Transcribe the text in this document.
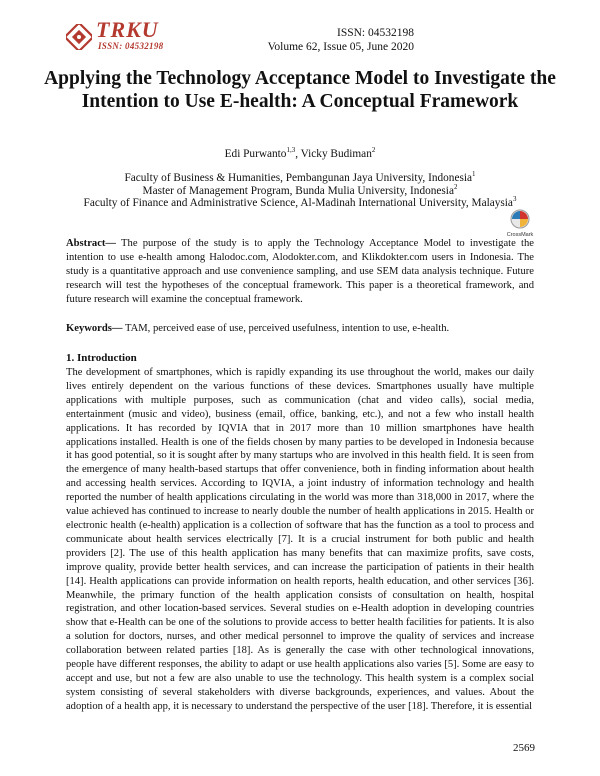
TRKU
ISSN: 04532198
ISSN: 04532198
Volume 62, Issue 05, June 2020
Applying the Technology Acceptance Model to Investigate the Intention to Use E-health: A Conceptual Framework
Edi Purwanto$^{1,3}$, Vicky Budiman$^2$
Faculty of Business & Humanities, Pembangunan Jaya University, Indonesia$^1$
Master of Management Program, Bunda Mulia University, Indonesia$^2$
Faculty of Finance and Administrative Science, Al-Madinah International University, Malaysia$^3$
CrossMark
Abstract— The purpose of the study is to apply the Technology Acceptance Model to investigate the intention to use e-health among Halodoc.com, Alodokter.com, and Klikdokter.com users in Indonesia. The study is a quantitative approach and use convenience sampling, and use SEM data analysis technique. Future research will test the hypotheses of the conceptual framework. This paper is a theoretical framework, and future research will examine the conceptual framework.
Keywords— TAM, perceived ease of use, perceived usefulness, intention to use, e-health.
1. Introduction
The development of smartphones, which is rapidly expanding its use throughout the world, makes our daily lives entirely dependent on the various functions of these devices. Smartphones usually have multiple applications with multiple purposes, such as communication (chat and video calls), social media, entertainment (music and video), business (email, office, banking, etc.), and not a few who install health applications. It has recorded by IQVIA that in 2017 more than 10 million smartphones have health applications installed. Health is one of the fields chosen by many parties to be developed in Indonesia because it has good potential, so it is sought after by many startups who are involved in this health field. It is seen from the emergence of many health-based startups that offer convenience, both in finding information about health and accessing health services. According to IQVIA, a joint industry of information technology and health reported the number of health applications circulating in the world was more than 318,000 in 2017, where the value achieved has continued to increase to nearly double the number of health applications in 2015. Health or electronic health (e-health) application is a collection of software that has the function as a tool to process and communicate about health services electrically [7]. It is a crucial instrument for both public and health providers [2]. The use of this health application has many benefits that can maximize profits, save costs, improve quality, provide better health services, and can increase the participation of patients in their health [14]. Health applications can provide information on health reports, health education, and other services [36]. Meanwhile, the primary function of the health application consists of consultation on health, hospital registration, and other location-based services. Several studies on e-Health adoption in developing countries show that e-Health can be one of the solutions to provide access to better health facilities for patients. It is also a solution for doctors, nurses, and other medical personnel to improve the quality of services and increase collaboration between related parties [18]. As is generally the case with other technological innovations, people have different responses, the ability to adapt or use health applications also varies [5]. Some are easy to accept and use, but not a few are also unable to use the technology. This health system is a complex social system consisting of several stakeholders with diverse backgrounds, experiences, and values. About the adoption of a health app, it is necessary to understand the perspective of the user [18]. Therefore, it is essential
2569
